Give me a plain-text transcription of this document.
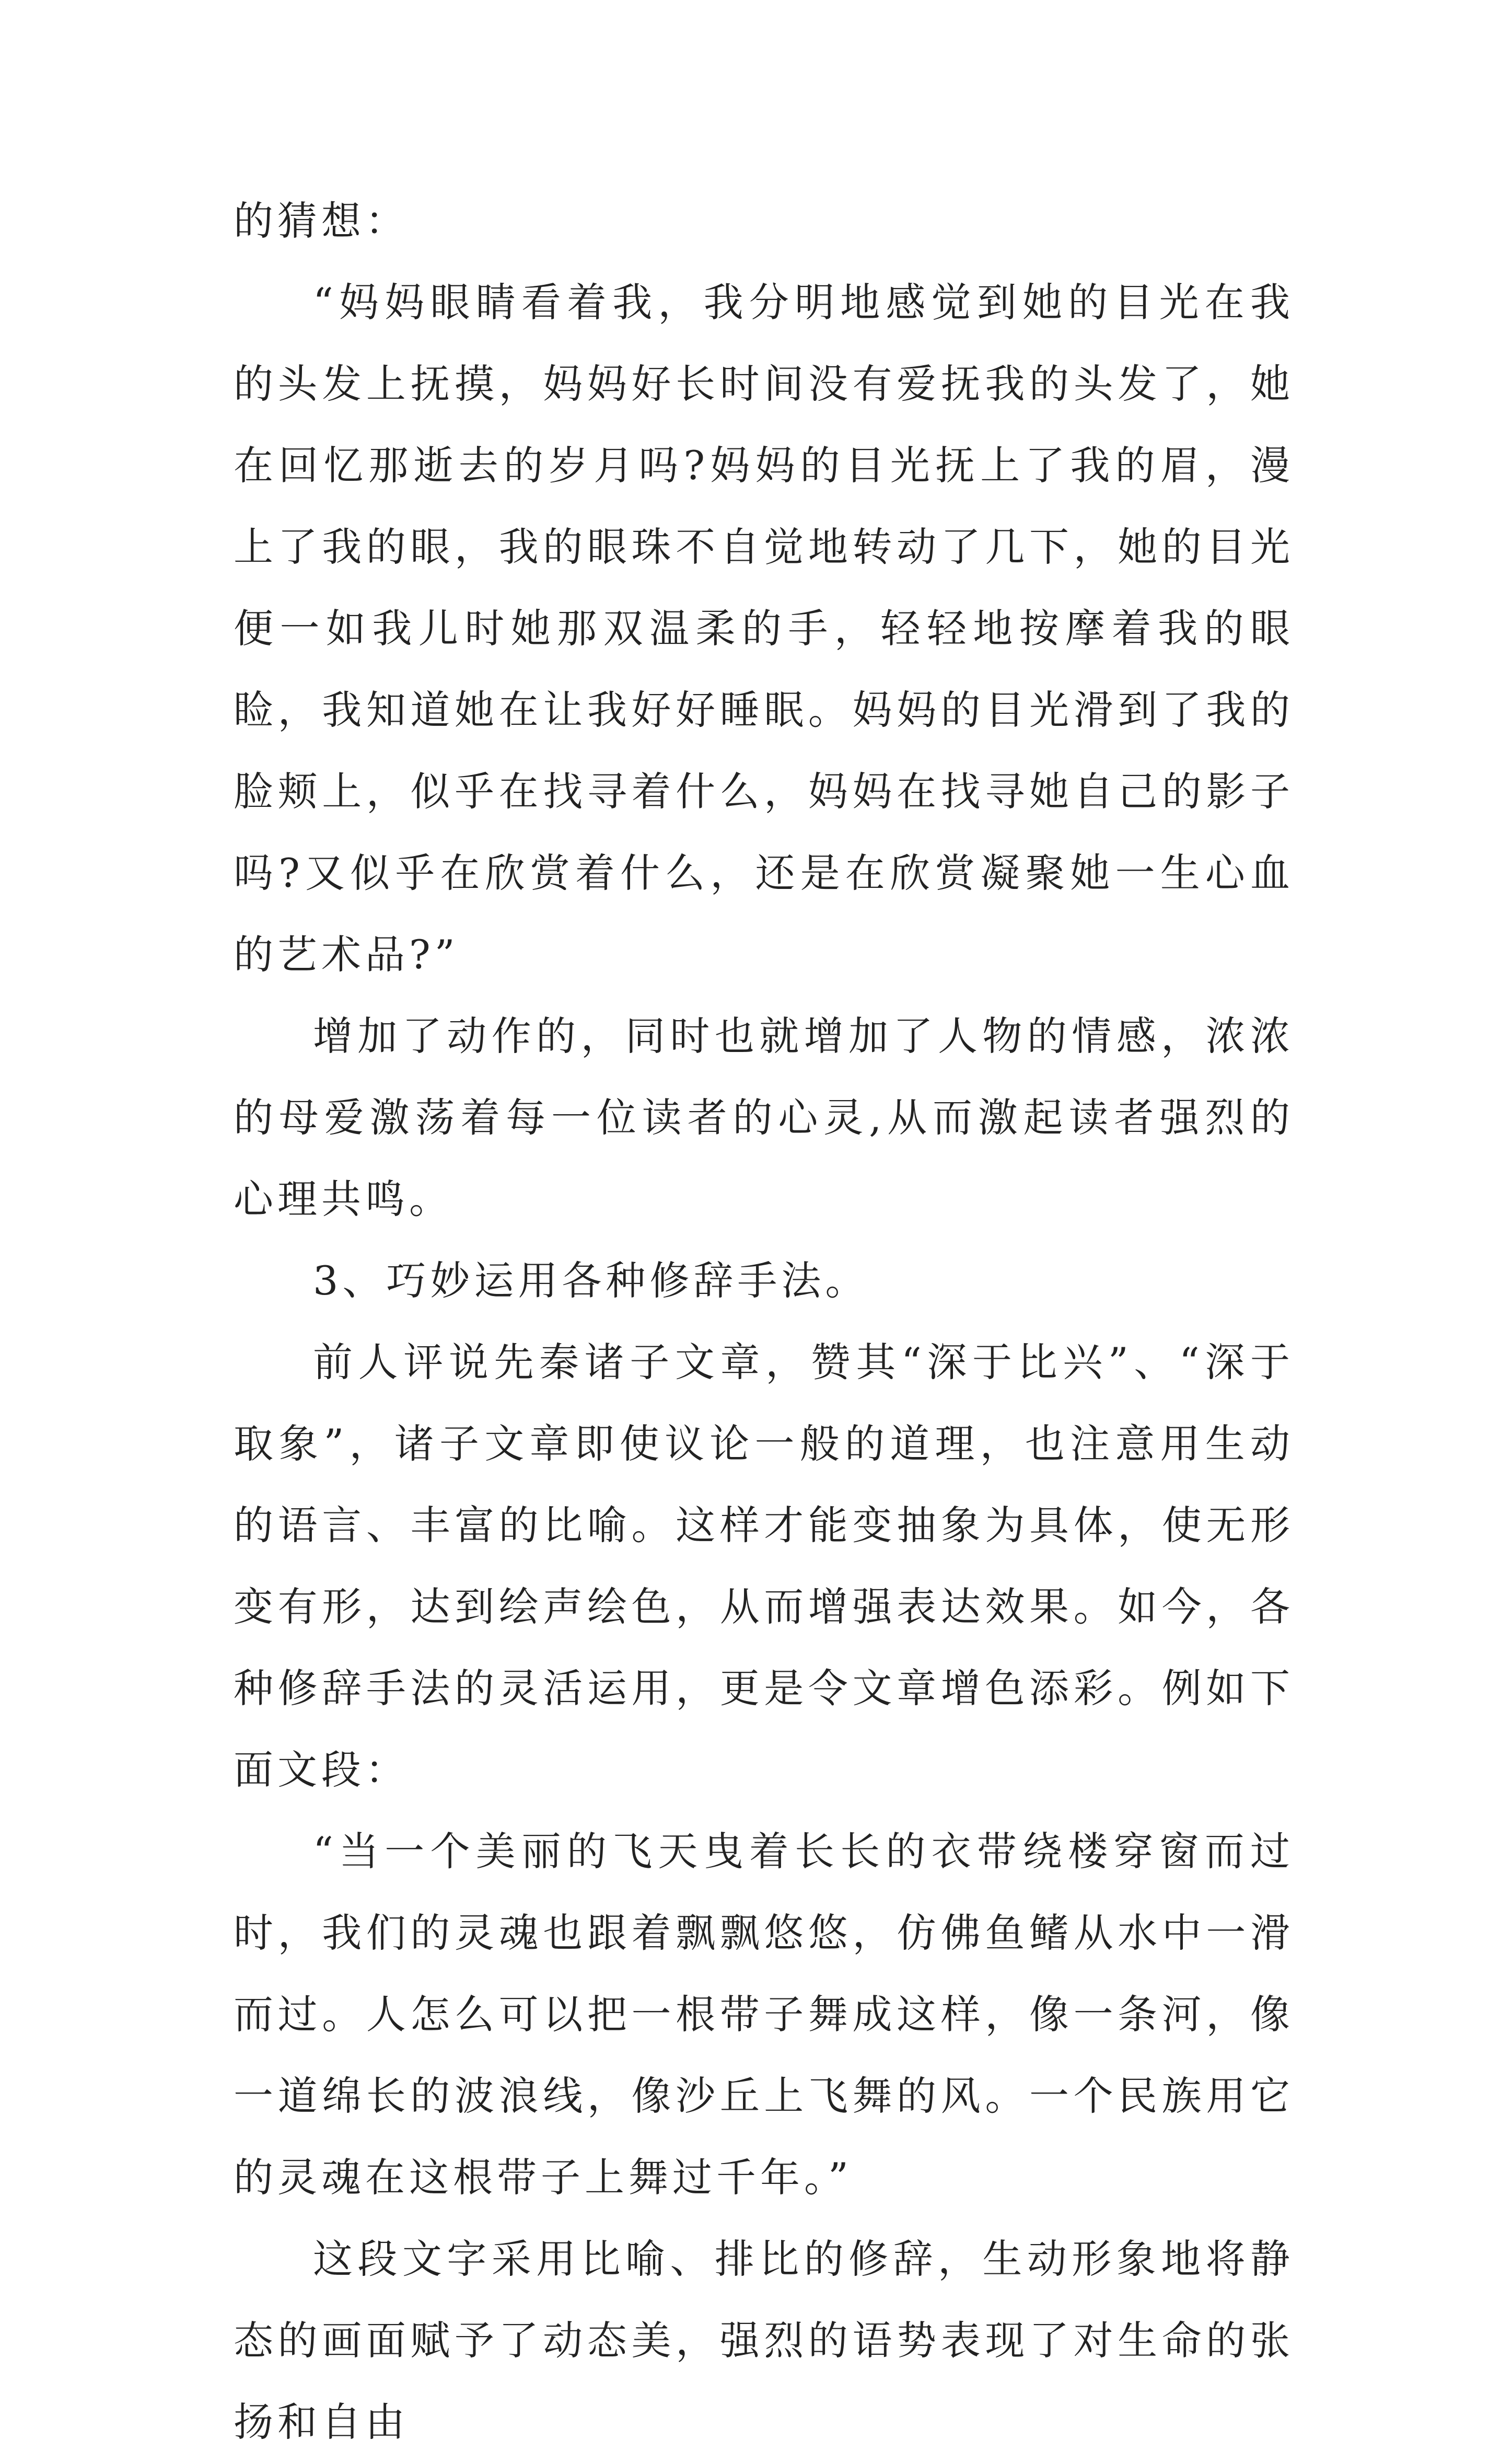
的猜想：

“妈妈眼睛看着我，我分明地感觉到她的目光在我的头发上抚摸，妈妈好长时间没有爱抚我的头发了，她在回忆那逝去的岁月吗?妈妈的目光抚上了我的眉，漫上了我的眼，我的眼珠不自觉地转动了几下，她的目光便一如我儿时她那双温柔的手，轻轻地按摩着我的眼睑，我知道她在让我好好睡眠。妈妈的目光滑到了我的脸颊上，似乎在找寻着什么，妈妈在找寻她自己的影子吗?又似乎在欣赏着什么，还是在欣赏凝聚她一生心血的艺术品?”

增加了动作的，同时也就增加了人物的情感，浓浓的母爱激荡着每一位读者的心灵,从而激起读者强烈的心理共鸣。

3、巧妙运用各种修辞手法。

前人评说先秦诸子文章，赞其“深于比兴”、“深于取象”，诸子文章即使议论一般的道理，也注意用生动的语言、丰富的比喻。这样才能变抽象为具体，使无形变有形，达到绘声绘色，从而增强表达效果。如今，各种修辞手法的灵活运用，更是令文章增色添彩。例如下面文段：

“当一个美丽的飞天曳着长长的衣带绕楼穿窗而过时，我们的灵魂也跟着飘飘悠悠，仿佛鱼鳍从水中一滑而过。人怎么可以把一根带子舞成这样，像一条河，像一道绵长的波浪线，像沙丘上飞舞的风。一个民族用它的灵魂在这根带子上舞过千年。”

这段文字采用比喻、排比的修辞，生动形象地将静态的画面赋予了动态美，强烈的语势表现了对生命的张扬和自由
